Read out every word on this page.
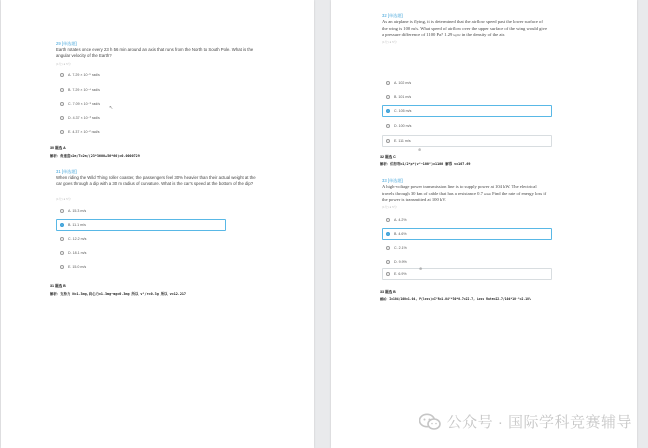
29 [单选题]
Earth rotates once every 23 h 56 min around an axis that runs from the North to South Pole. What is the angular velocity of the Earth?
(1分) ● 5分
A. 7.29 × 10⁻⁵ rad/s
B. 7.29 × 10⁻⁴ rad/s
C. 7.09 × 10⁻⁵ rad/s
D. 4.37 × 10⁻³ rad/s
E. 4.37 × 10⁻² rad/s
↖
30 题选 A
解析：角速度=2π/T=2π/(23*3600+56*60)=0.0000729
31 [单选题]
When riding the Wild Thing roller coaster, the passengers feel 30% heavier than their actual weight at the car goes through a dip with a 30 m radius of curvature. What is the car's speed at the bottom of the dip?
(1分) ● 5分
A. 15.3 m/s
B. 11.1 m/s
C. 12.2 m/s
D. 18.1 m/s
E. 15.0 m/s
31 题选 B
解析：支持力 N=1.3mg,向心力=1.3mg−mg=0.3mg 所以 v²/r=0.3g 所以 v=12.217
32 [单选题]
As an airplane is flying, it is determined that the airflow speed past the lower surface of
the wing is 100 m/s. What speed of airflow over the upper surface of the wing would give
a pressure difference of 1100 Pa? 1.29 kg/m³ in the density of the air.
(1分) ● 5分
A. 102 m/s
B. 101 m/s
C. 105 m/s
D. 100 m/s
E. 111 m/s
⊕
32 题选 C
解析：伯努利=1/2*ρ*(v²−100²)=1100 解得 v=107.69
33 [单选题]
A high-voltage power transmission line is to supply power at 104 kW. The electrical
travels through 30 km of cable that has a resistance 0.7 Ω/km Find the rate of energy loss if
the power is transmitted at 100 kV.
(1分) ● 5分
A. 4.2%
B. 4.6%
C. 2.1%
D. 9.9%
E. 6.9%
⊕
33 题选 B
解析：I=104/100=1.04, P(loss)=I²R=1.04²*30*0.7=22.7, Loss Rate=22.7/104*10⁻³=2.18%
公众号 · 国际学科竞赛辅导
